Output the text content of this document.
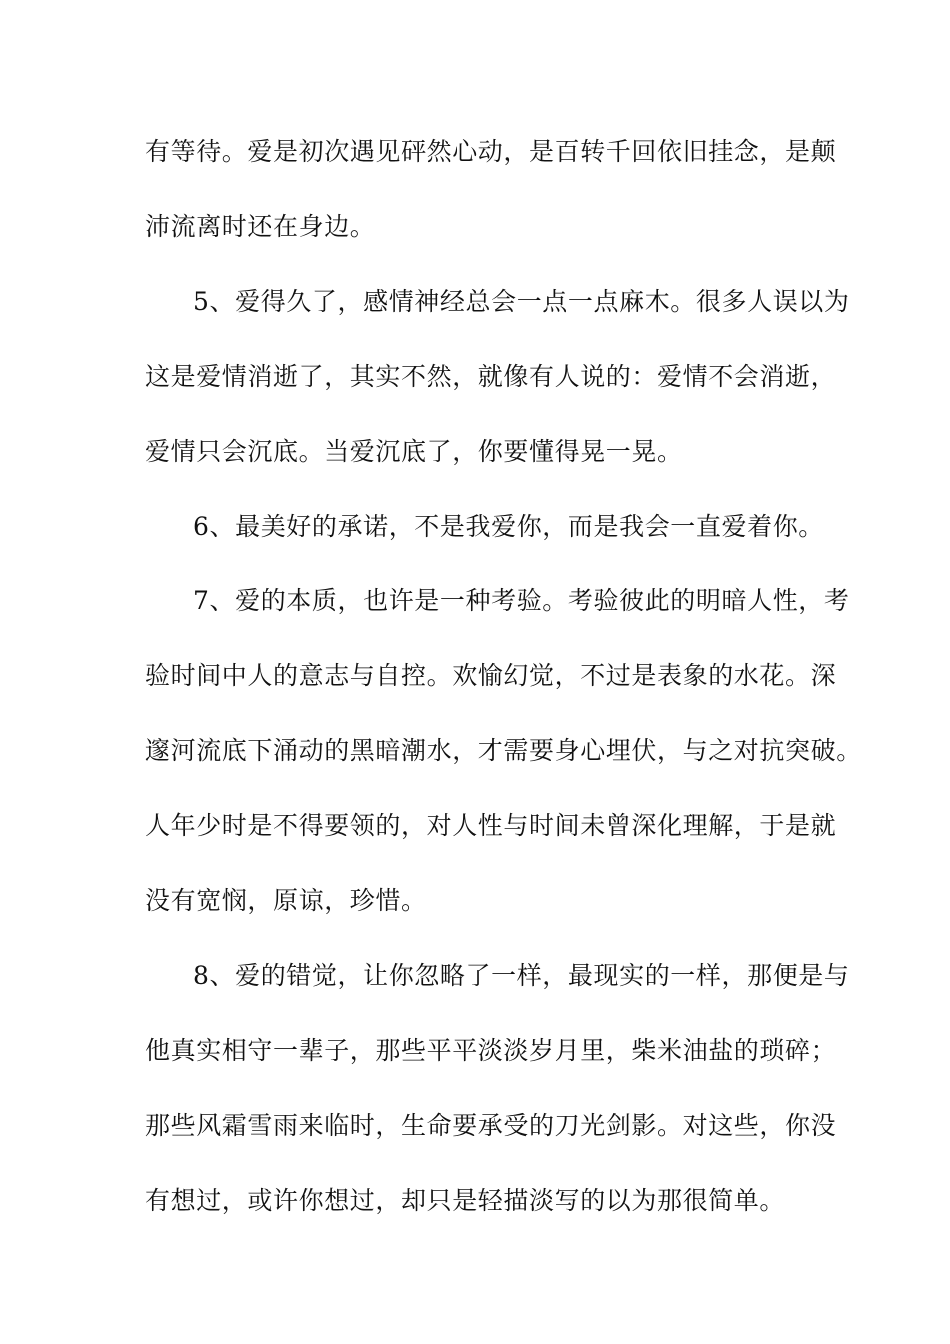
有等待。爱是初次遇见砰然心动，是百转千回依旧挂念，是颠
沛流离时还在身边。
5、爱得久了，感情神经总会一点一点麻木。很多人误以为
这是爱情消逝了，其实不然，就像有人说的：爱情不会消逝，
爱情只会沉底。当爱沉底了，你要懂得晃一晃。
6、最美好的承诺，不是我爱你，而是我会一直爱着你。
7、爱的本质，也许是一种考验。考验彼此的明暗人性，考
验时间中人的意志与自控。欢愉幻觉，不过是表象的水花。深
邃河流底下涌动的黑暗潮水，才需要身心埋伏，与之对抗突破。
人年少时是不得要领的，对人性与时间未曾深化理解，于是就
没有宽悯，原谅，珍惜。
8、爱的错觉，让你忽略了一样，最现实的一样，那便是与
他真实相守一辈子，那些平平淡淡岁月里，柴米油盐的琐碎；
那些风霜雪雨来临时，生命要承受的刀光剑影。对这些，你没
有想过，或许你想过，却只是轻描淡写的以为那很简单。
